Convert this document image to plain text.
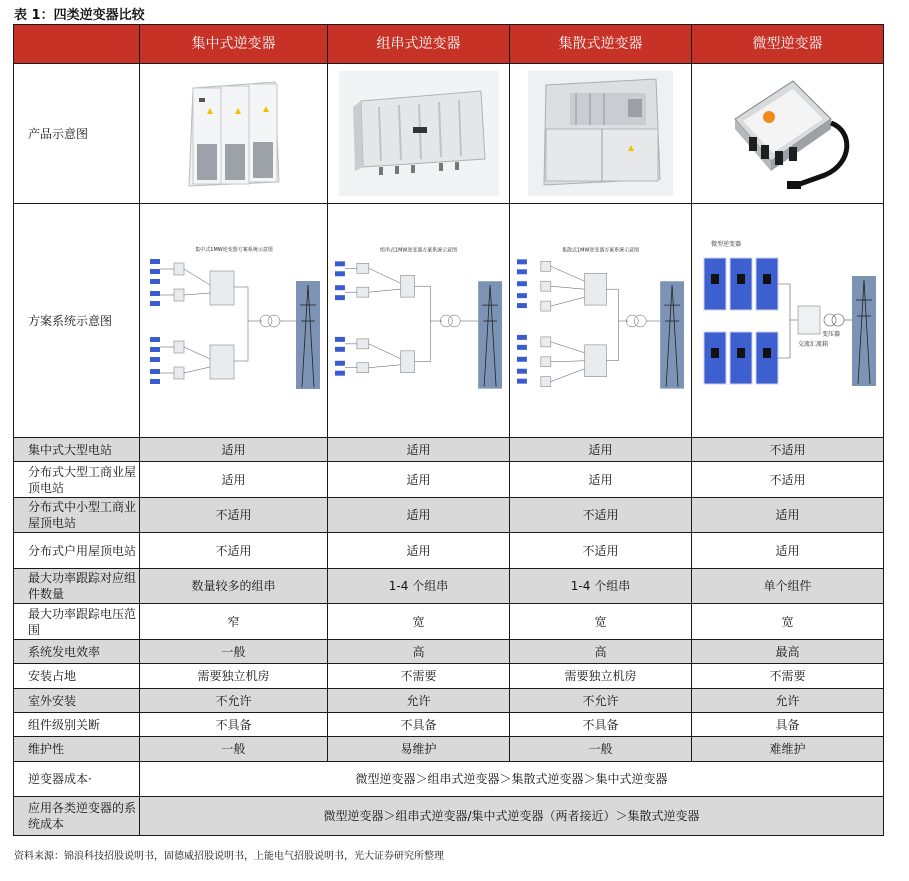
表 1：四类逆变器比较
	集中式逆变器	组串式逆变器	集散式逆变器	微型逆变器
产品示意图	

方案系统示意图	集中式1MW逆变器方案系统示意图	组串式1MW逆变器方案系统示意图	集散式1MW逆变器方案系统示意图	微型逆变器
交流汇流箱
变压器

集中式大型电站	适用	适用	适用	不适用
分布式大型工商业屋顶电站	适用	适用	适用	不适用
分布式中小型工商业屋顶电站	不适用	适用	不适用	适用
分布式户用屋顶电站	不适用	适用	不适用	适用
最大功率跟踪对应组件数量	数量较多的组串	1-4 个组串	1-4 个组串	单个组件
最大功率跟踪电压范围	窄	宽	宽	宽
系统发电效率	一般	高	高	最高
安装占地	需要独立机房	不需要	需要独立机房	不需要
室外安装	不允许	允许	不允许	允许
组件级别关断	不具备	不具备	不具备	具备
维护性	一般	易维护	一般	难维护
逆变器成本·	微型逆变器＞组串式逆变器＞集散式逆变器＞集中式逆变器			
应用各类逆变器的系统成本	微型逆变器＞组串式逆变器/集中式逆变器（两者接近）＞集散式逆变器			
资料来源：锦浪科技招股说明书，固德威招股说明书，上能电气招股说明书，光大证券研究所整理
